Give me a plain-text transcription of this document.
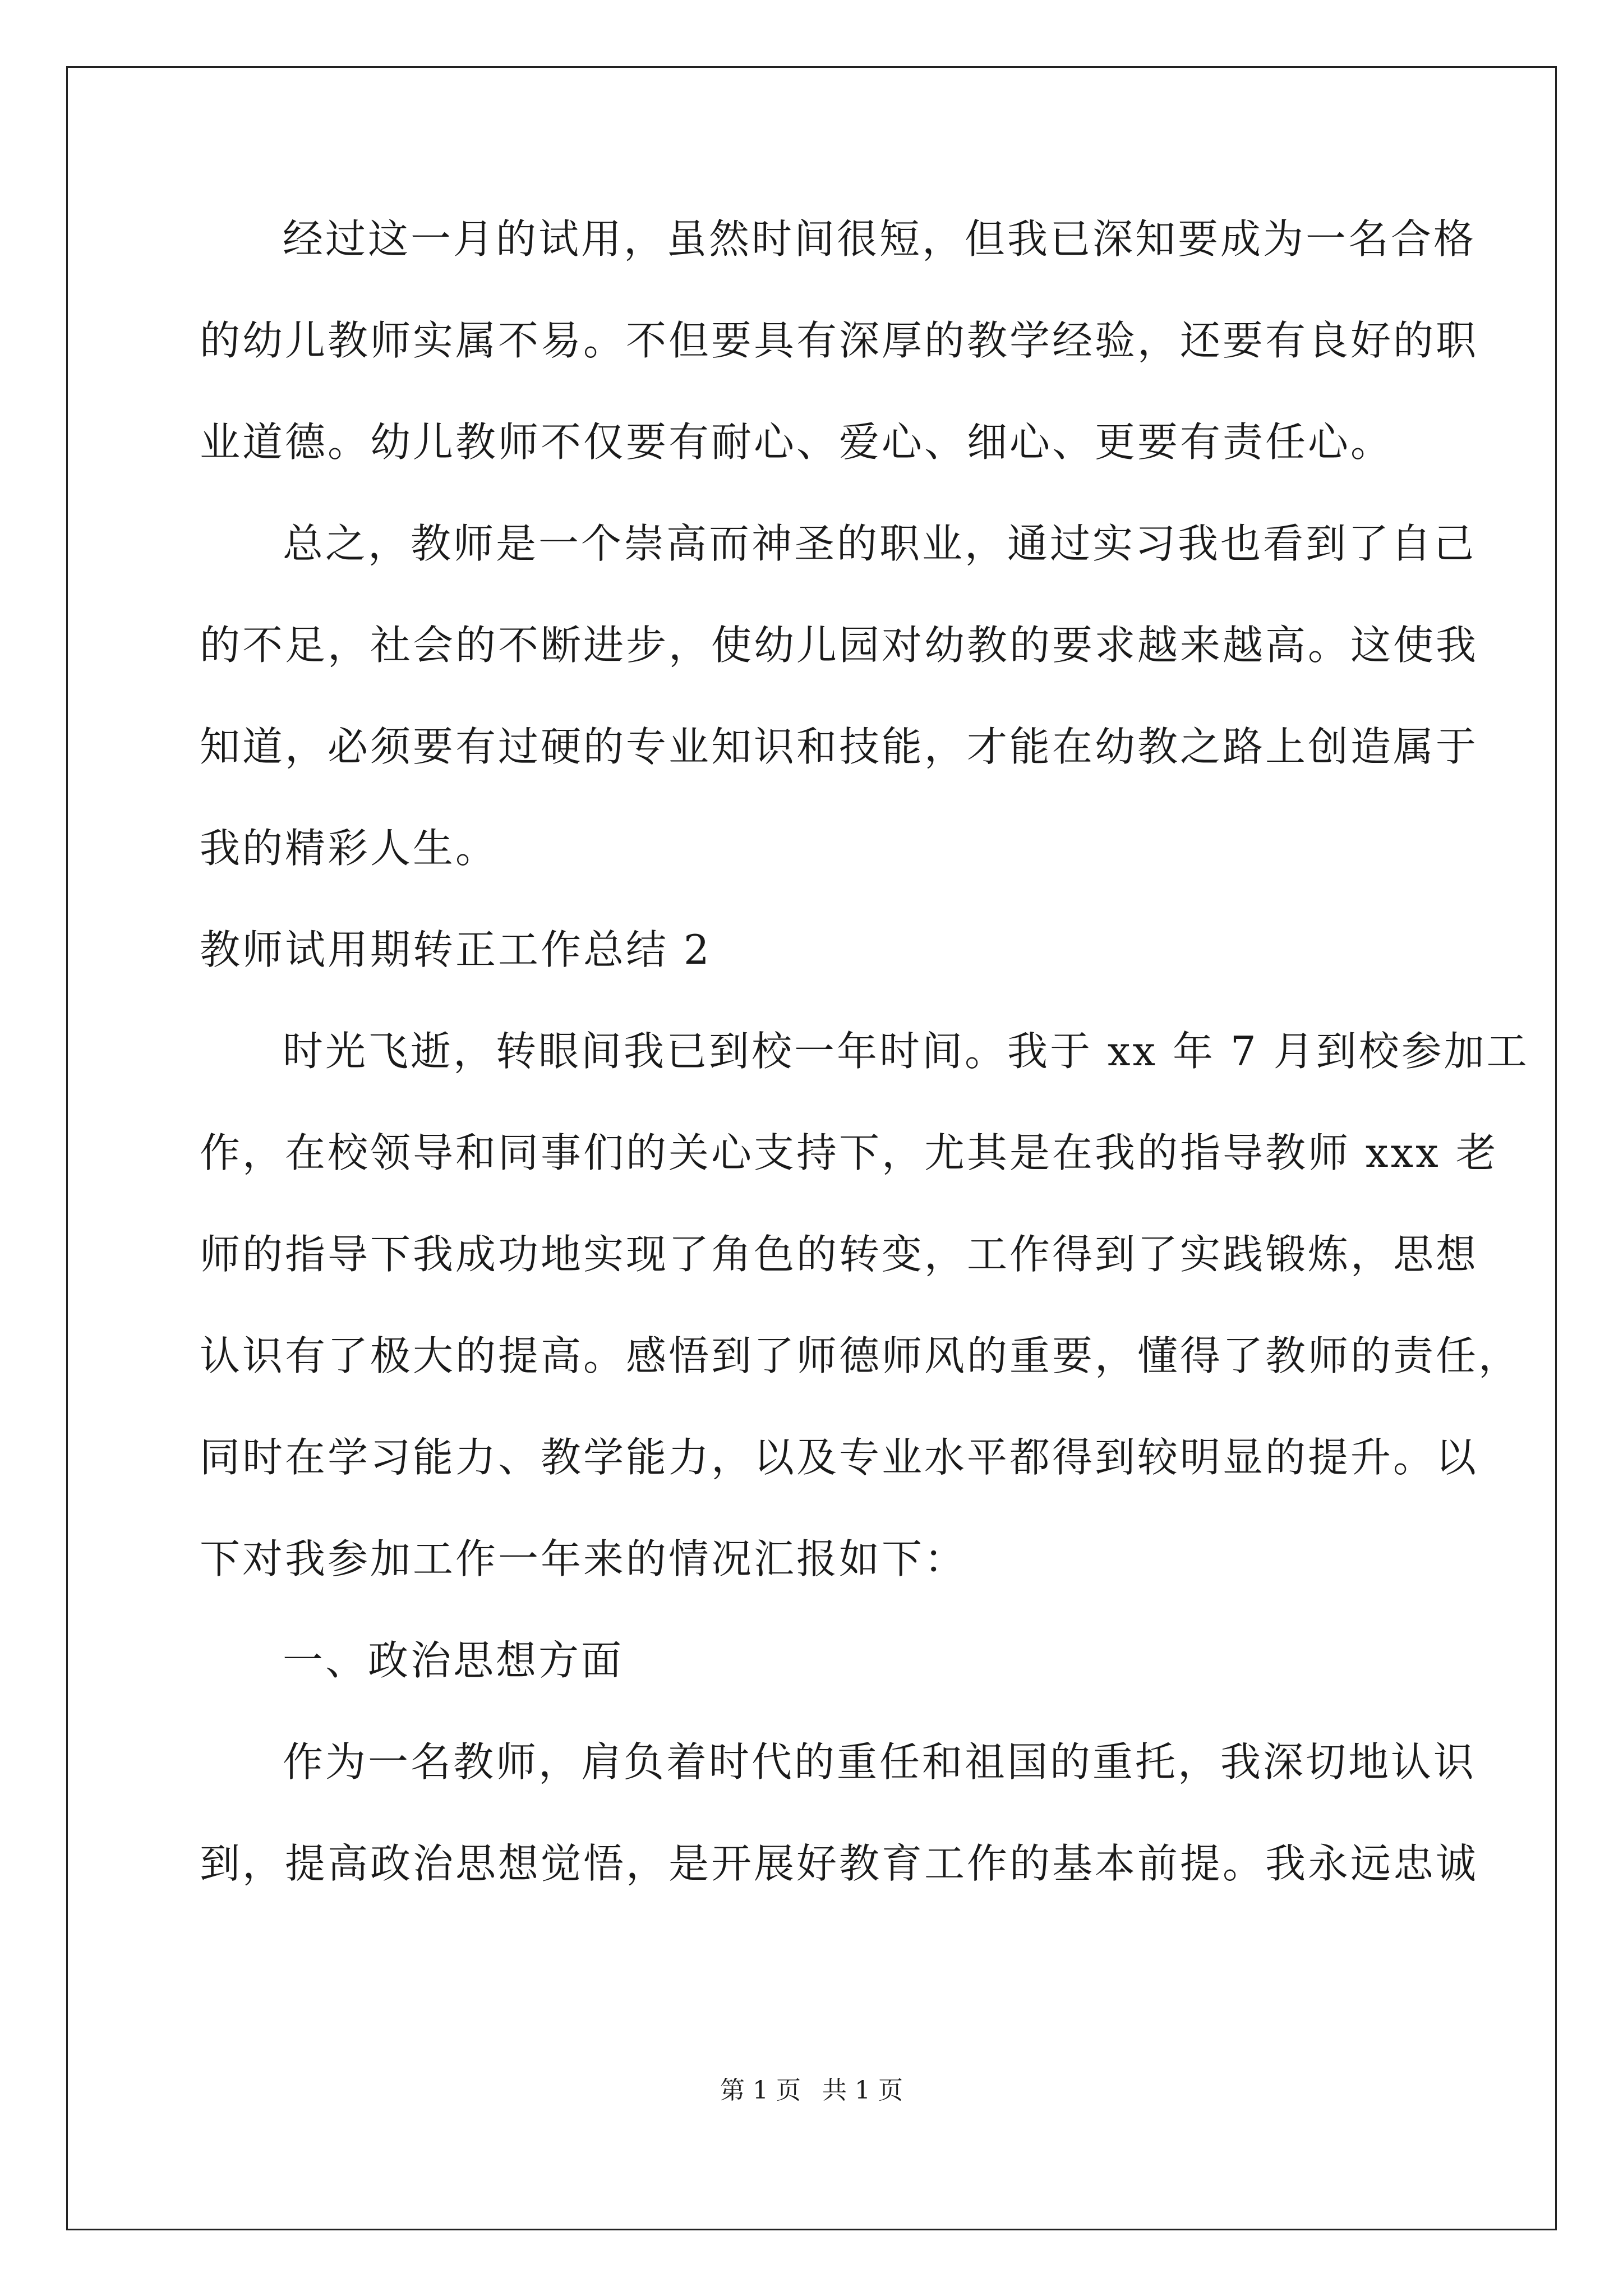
经过这一月的试用，虽然时间很短，但我已深知要成为一名合格
的幼儿教师实属不易。不但要具有深厚的教学经验，还要有良好的职
业道德。幼儿教师不仅要有耐心、爱心、细心、更要有责任心。
总之，教师是一个崇高而神圣的职业，通过实习我也看到了自己
的不足，社会的不断进步，使幼儿园对幼教的要求越来越高。这使我
知道，必须要有过硬的专业知识和技能，才能在幼教之路上创造属于
我的精彩人生。
教师试用期转正工作总结 2
时光飞逝，转眼间我已到校一年时间。我于 xx 年 7 月到校参加工
作，在校领导和同事们的关心支持下，尤其是在我的指导教师 xxx 老
师的指导下我成功地实现了角色的转变，工作得到了实践锻炼，思想
认识有了极大的提高。感悟到了师德师风的重要，懂得了教师的责任，
同时在学习能力、教学能力，以及专业水平都得到较明显的提升。以
下对我参加工作一年来的情况汇报如下：
一、政治思想方面
作为一名教师，肩负着时代的重任和祖国的重托，我深切地认识
到，提高政治思想觉悟，是开展好教育工作的基本前提。我永远忠诚
第 1 页 共 1 页
